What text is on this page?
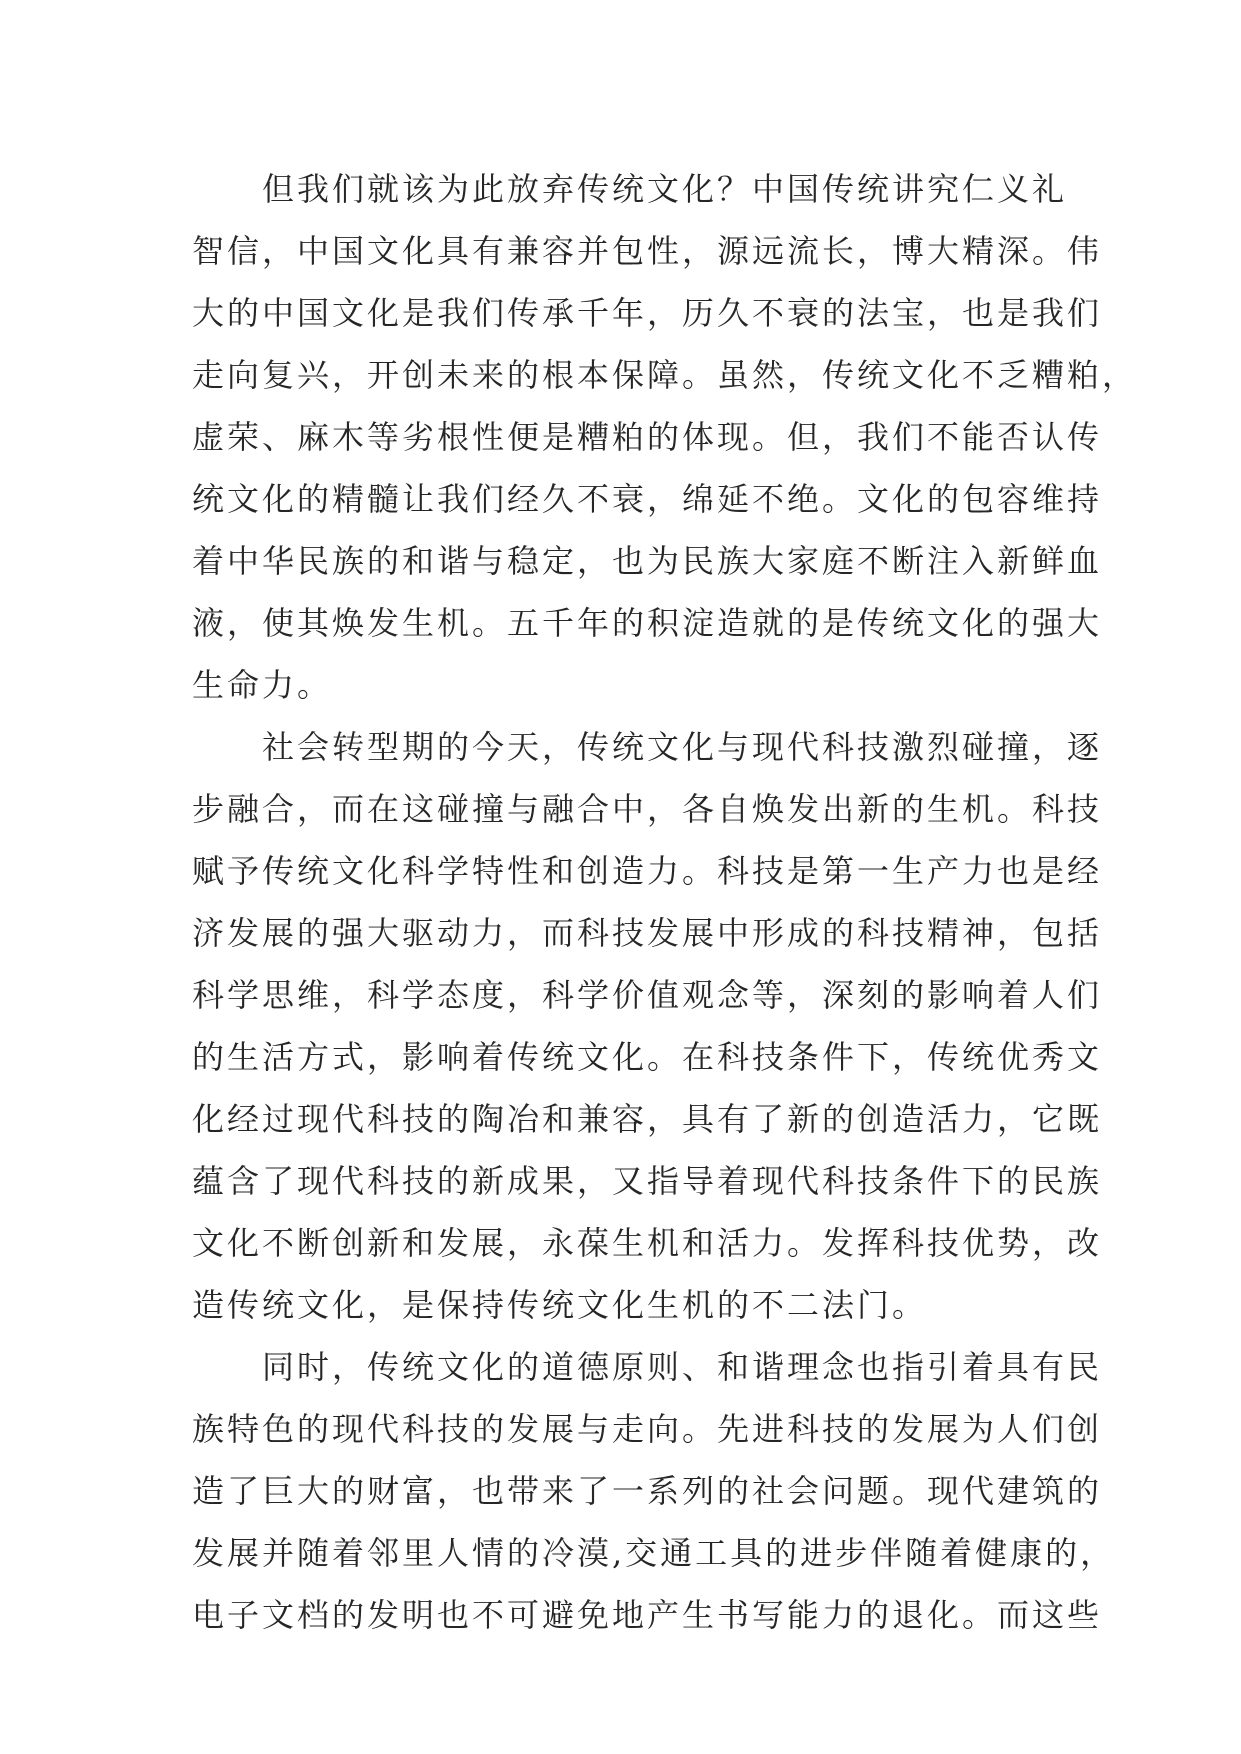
但我们就该为此放弃传统文化？中国传统讲究仁义礼
智信，中国文化具有兼容并包性，源远流长，博大精深。伟
大的中国文化是我们传承千年，历久不衰的法宝，也是我们
走向复兴，开创未来的根本保障。虽然，传统文化不乏糟粕，
虚荣、麻木等劣根性便是糟粕的体现。但，我们不能否认传
统文化的精髓让我们经久不衰，绵延不绝。文化的包容维持
着中华民族的和谐与稳定，也为民族大家庭不断注入新鲜血
液，使其焕发生机。五千年的积淀造就的是传统文化的强大
生命力。
社会转型期的今天，传统文化与现代科技激烈碰撞，逐
步融合，而在这碰撞与融合中，各自焕发出新的生机。科技
赋予传统文化科学特性和创造力。科技是第一生产力也是经
济发展的强大驱动力，而科技发展中形成的科技精神，包括
科学思维，科学态度，科学价值观念等，深刻的影响着人们
的生活方式，影响着传统文化。在科技条件下，传统优秀文
化经过现代科技的陶冶和兼容，具有了新的创造活力，它既
蕴含了现代科技的新成果，又指导着现代科技条件下的民族
文化不断创新和发展，永葆生机和活力。发挥科技优势，改
造传统文化，是保持传统文化生机的不二法门。
同时，传统文化的道德原则、和谐理念也指引着具有民
族特色的现代科技的发展与走向。先进科技的发展为人们创
造了巨大的财富，也带来了一系列的社会问题。现代建筑的
发展并随着邻里人情的冷漠,交通工具的进步伴随着健康的，
电子文档的发明也不可避免地产生书写能力的退化。而这些
